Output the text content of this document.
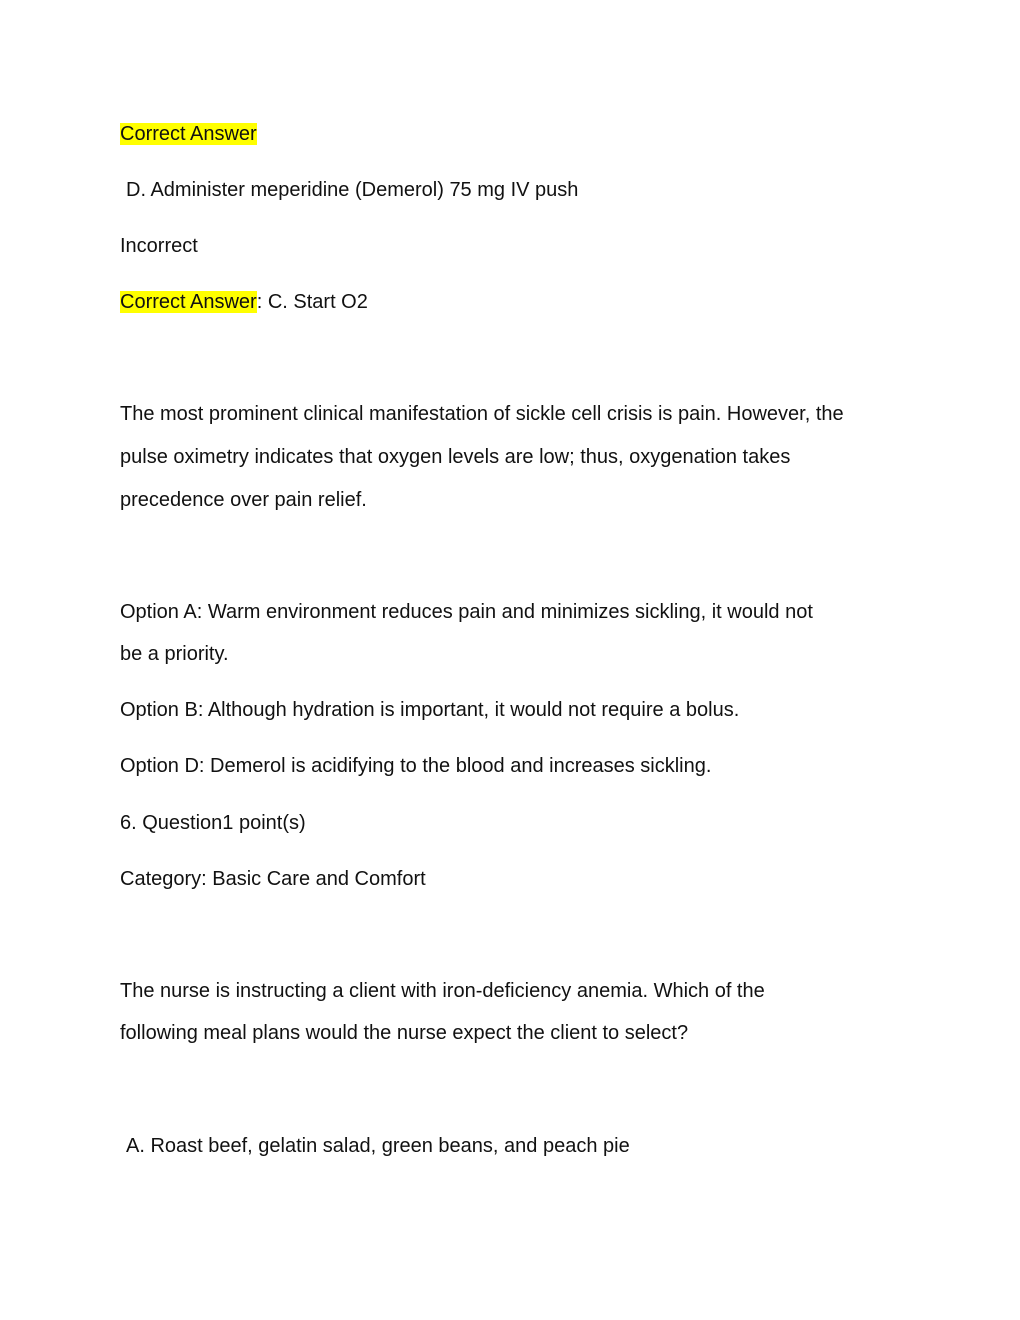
Correct Answer
D. Administer meperidine (Demerol) 75 mg IV push
Incorrect
Correct Answer: C. Start O2
The most prominent clinical manifestation of sickle cell crisis is pain. However, the
pulse oximetry indicates that oxygen levels are low; thus, oxygenation takes
precedence over pain relief.
Option A: Warm environment reduces pain and minimizes sickling, it would not
be a priority.
Option B: Although hydration is important, it would not require a bolus.
Option D: Demerol is acidifying to the blood and increases sickling.
6. Question1 point(s)
Category: Basic Care and Comfort
The nurse is instructing a client with iron-deficiency anemia. Which of the
following meal plans would the nurse expect the client to select?
A. Roast beef, gelatin salad, green beans, and peach pie
